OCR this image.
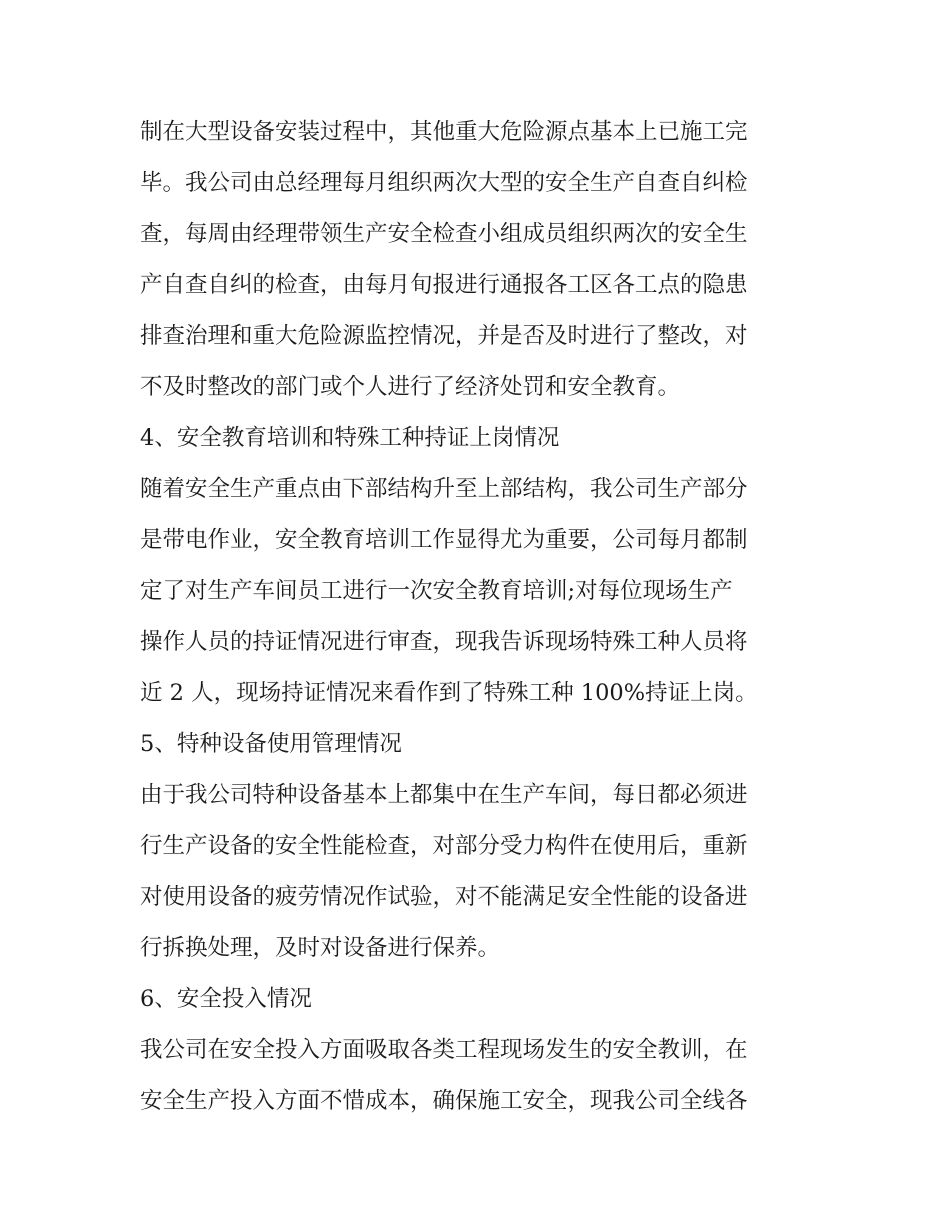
制在大型设备安装过程中，其他重大危险源点基本上已施工完
毕。我公司由总经理每月组织两次大型的安全生产自查自纠检
查，每周由经理带领生产安全检查小组成员组织两次的安全生
产自查自纠的检查，由每月旬报进行通报各工区各工点的隐患
排查治理和重大危险源监控情况，并是否及时进行了整改，对
不及时整改的部门或个人进行了经济处罚和安全教育。
4、安全教育培训和特殊工种持证上岗情况
随着安全生产重点由下部结构升至上部结构，我公司生产部分
是带电作业，安全教育培训工作显得尤为重要，公司每月都制
定了对生产车间员工进行一次安全教育培训;对每位现场生产
操作人员的持证情况进行审查，现我告诉现场特殊工种人员将
近 2 人，现场持证情况来看作到了特殊工种 100%持证上岗。
5、特种设备使用管理情况
由于我公司特种设备基本上都集中在生产车间，每日都必须进
行生产设备的安全性能检查，对部分受力构件在使用后，重新
对使用设备的疲劳情况作试验，对不能满足安全性能的设备进
行拆换处理，及时对设备进行保养。
6、安全投入情况
我公司在安全投入方面吸取各类工程现场发生的安全教训，在
安全生产投入方面不惜成本，确保施工安全，现我公司全线各
